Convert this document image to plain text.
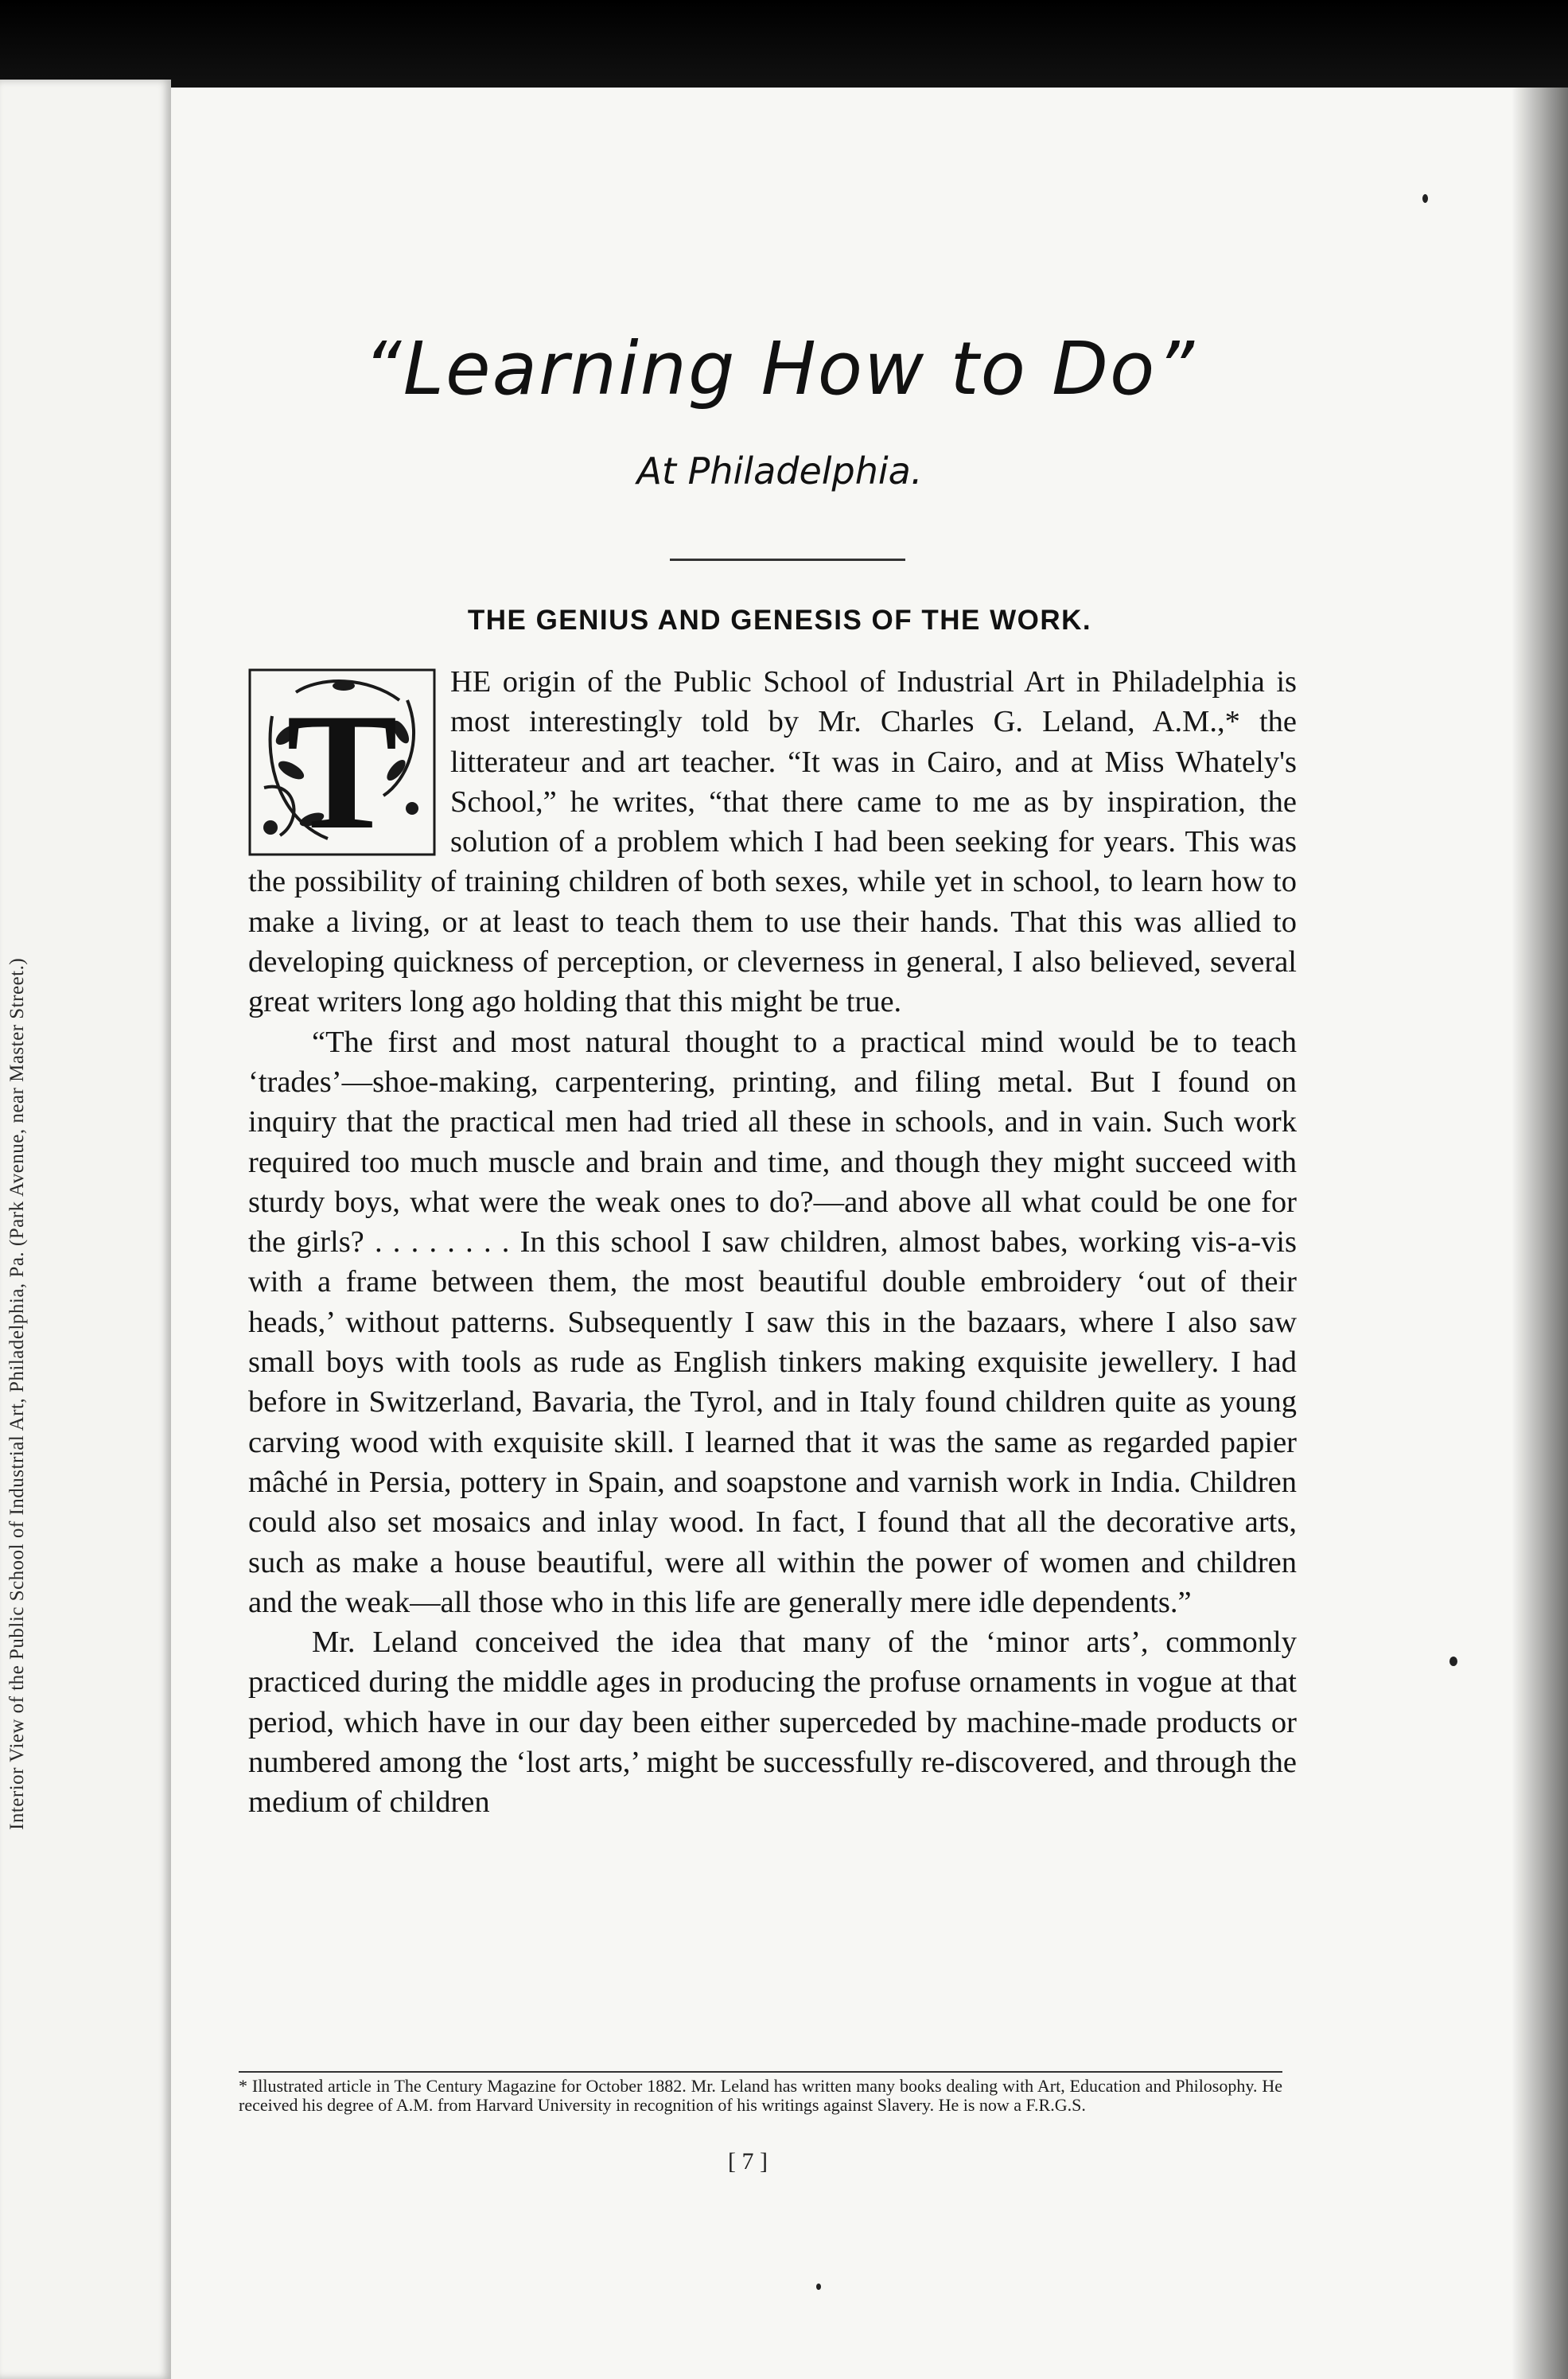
Interior View of the Public School of Industrial Art, Philadelphia, Pa. (Park Avenue, near Master Street.)
“Learning How to Do”
At Philadelphia.
THE GENIUS AND GENESIS OF THE WORK.
T	HE origin of the Public School of Industrial Art in Philadelphia is most interestingly told by Mr. Charles G. Leland, A.M.,* the litterateur and art teacher. “It was in Cairo, and at Miss Whately's School,” he writes, “that there came to me as by inspiration, the solution of a problem which I had been seeking for years. This was the possibility of training children of both sexes, while yet in school, to learn how to make a living, or at least to teach them to use their hands. That this was allied to developing quickness of perception, or cleverness in general, I also believed, several great writers long ago holding that this might be true.

“The first and most natural thought to a practical mind would be to teach ‘trades’—shoe-making, carpentering, printing, and filing metal. But I found on inquiry that the practical men had tried all these in schools, and in vain. Such work required too much muscle and brain and time, and though they might succeed with sturdy boys, what were the weak ones to do?—and above all what could be one for the girls? . . . . . . . . In this school I saw children, almost babes, working vis-a-vis with a frame between them, the most beautiful double embroidery ‘out of their heads,’ without patterns. Subsequently I saw this in the bazaars, where I also saw small boys with tools as rude as English tinkers making exquisite jewellery. I had before in Switzerland, Bavaria, the Tyrol, and in Italy found children quite as young carving wood with exquisite skill. I learned that it was the same as regarded papier mâché in Persia, pottery in Spain, and soapstone and varnish work in India. Children could also set mosaics and inlay wood. In fact, I found that all the decorative arts, such as make a house beautiful, were all within the power of women and children and the weak—all those who in this life are generally mere idle dependents.”

Mr. Leland conceived the idea that many of the ‘minor arts’, commonly practiced during the middle ages in producing the profuse ornaments in vogue at that period, which have in our day been either superceded by machine-made products or numbered among the ‘lost arts,’ might be successfully re-discovered, and through the medium of children

* Illustrated article in The Century Magazine for October 1882. Mr. Leland has written many books dealing with Art, Education and Philosophy. He received his degree of A.M. from Harvard University in recognition of his writings against Slavery. He is now a F.R.G.S.
[ 7 ]
